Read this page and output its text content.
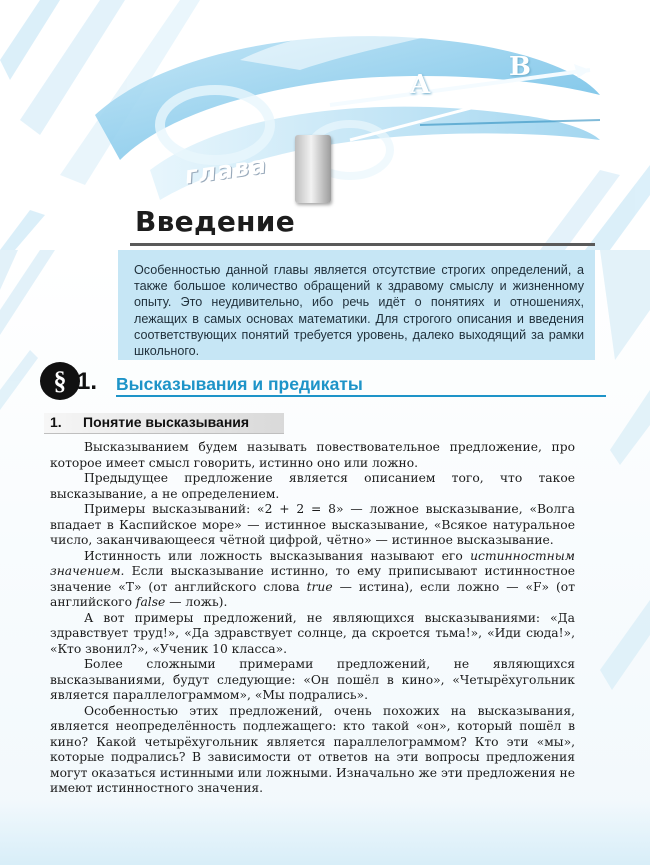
A
B
глава
Введение

Особенностью данной главы является отсутствие строгих определений, а также большое количество обращений к здравому смыслу и жизненному опыту. Это неудивительно, ибо речь идёт о понятиях и отношениях, лежащих в самых основах математики. Для строгого описания и введения соответствующих понятий требуется уровень, далеко выходящий за рамки школьного.

§ 1. Высказывания и предикаты
1. Понятие высказывания

Высказыванием будем называть повествовательное предложение, про которое имеет смысл говорить, истинно оно или ложно.

Предыдущее предложение является описанием того, что такое высказывание, а не определением.

Примеры высказываний: «2 + 2 = 8» — ложное высказывание, «Волга впадает в Каспийское море» — истинное высказывание, «Всякое натуральное число, заканчивающееся чётной цифрой, чётно» — истинное высказывание.

Истинность или ложность высказывания называют его истинностным значением. Если высказывание истинно, то ему приписывают истинностное значение «Т» (от английского слова true — истина), если ложно — «F» (от английского false — ложь).

А вот примеры предложений, не являющихся высказываниями: «Да здравствует труд!», «Да здравствует солнце, да скроется тьма!», «Иди сюда!», «Кто звонил?», «Ученик 10 класса».

Более сложными примерами предложений, не являющихся высказываниями, будут следующие: «Он пошёл в кино», «Четырёхугольник является параллелограммом», «Мы подрались».

Особенностью этих предложений, очень похожих на высказывания, является неопределённость подлежащего: кто такой «он», который пошёл в кино? Какой четырёхугольник является параллелограммом? Кто эти «мы», которые подрались? В зависимости от ответов на эти вопросы предложения могут оказаться истинными или ложными. Изначально же эти предложения не имеют истинностного значения.
